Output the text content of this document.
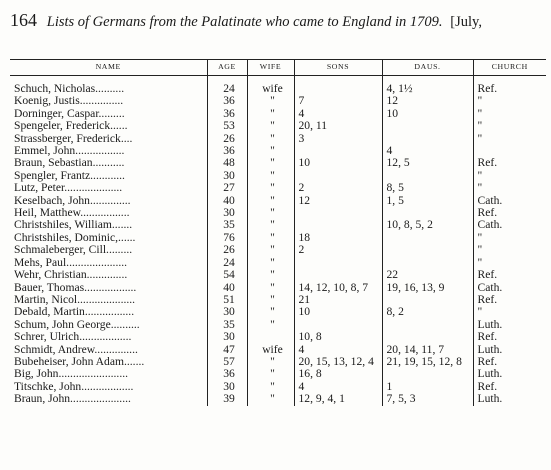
164 Lists of Germans from the Palatinate who came to England in 1709. [July,
NAME	AGE	WIFE	SONS	DAUS.	CHURCH

Schuch, Nicholas..........	24	wife		4, 1½	Ref.
Koenig, Justis...............	36	"	7	12	"
Dorninger, Caspar.........	36	"	4	10	"
Spengeler, Frederick......	53	"	20, 11		"
Strassberger, Frederick....	26	"	3		"
Emmel, John.................	36	"		4	
Braun, Sebastian...........	48	"	10	12, 5	Ref.
Spengler, Frantz............	30	"			"
Lutz, Peter....................	27	"	2	8, 5	"
Keselbach, John..............	40	"	12	1, 5	Cath.
Heil, Matthew.................	30	"			Ref.
Christshiles, William.......	35	"		10, 8, 5, 2	Cath.
Christshiles, Dominic,......	76	"	18		"
Schmaleberger, Cill.........	26	"	2		"
Mehs, Paul.....................	24	"			"
Wehr, Christian..............	54	"		22	Ref.
Bauer, Thomas..................	40	"	14, 12, 10, 8, 7	19, 16, 13, 9	Cath.
Martin, Nicol....................	51	"	21		Ref.
Debald, Martin.................	30	"	10	8, 2	"
Schum, John George..........	35	"			Luth.
Schrer, Ulrich..................	30		10, 8		Ref.
Schmidt, Andrew...............	47	wife	4	20, 14, 11, 7	Luth.
Bubeheiser, John Adam.......	57	"	20, 15, 13, 12, 4	21, 19, 15, 12, 8	Ref.
Big, John........................	36	"	16, 8		Luth.
Titschke, John..................	30	"	4	1	Ref.
Braun, John.....................	39	"	12, 9, 4, 1	7, 5, 3	Luth.
